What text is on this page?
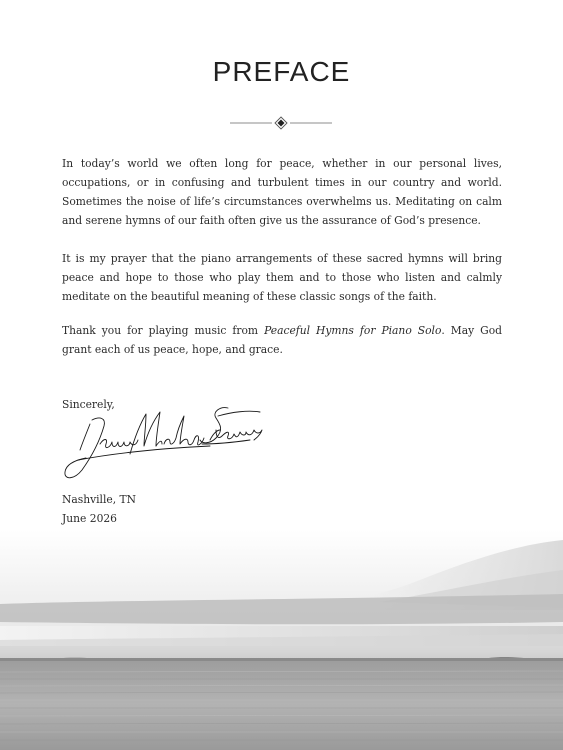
PREFACE

In today’s world we often long for peace, whether in our personal lives, occupations, or in confusing and turbulent times in our country and world. Sometimes the noise of life’s circumstances overwhelms us. Meditating on calm and serene hymns of our faith often give us the assurance of God’s presence.

It is my prayer that the piano arrangements of these sacred hymns will bring peace and hope to those who play them and to those who listen and calmly meditate on the beautiful meaning of these classic songs of the faith.

Thank you for playing music from Peaceful Hymns for Piano Solo. May God grant each of us peace, hope, and grace.

Sincerely,

Nashville, TN

June 2026
